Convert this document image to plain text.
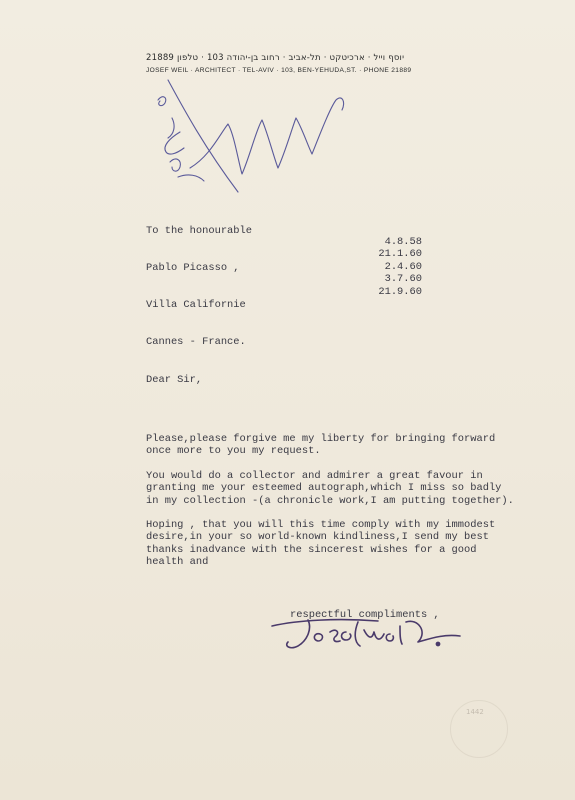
יוסף וייל · ארכיטקט · תל-אביב · רחוב בן-יהודה 103 · טלפון 21889
JOSEF WEIL · ARCHITECT · TEL-AVIV · 103, BEN-YEHUDA,ST. · PHONE 21889

To the honourable

Pablo Picasso ,

Villa Californie

Cannes - France.

4.8.58
21.1.60
2.4.60
3.7.60
21.9.60
Dear Sir,
Please,please forgive me my liberty for bringing forward
once more to you my request.
You would do a collector and admirer a great favour in
granting me your esteemed autograph,which I miss so badly
in my collection -(a chronicle work,I am putting together).
Hoping , that you will this time comply with my immodest
desire,in your so world-known kindliness,I send my best
thanks inadvance with the sincerest wishes for a good
health and
respectful compliments ,
1442
